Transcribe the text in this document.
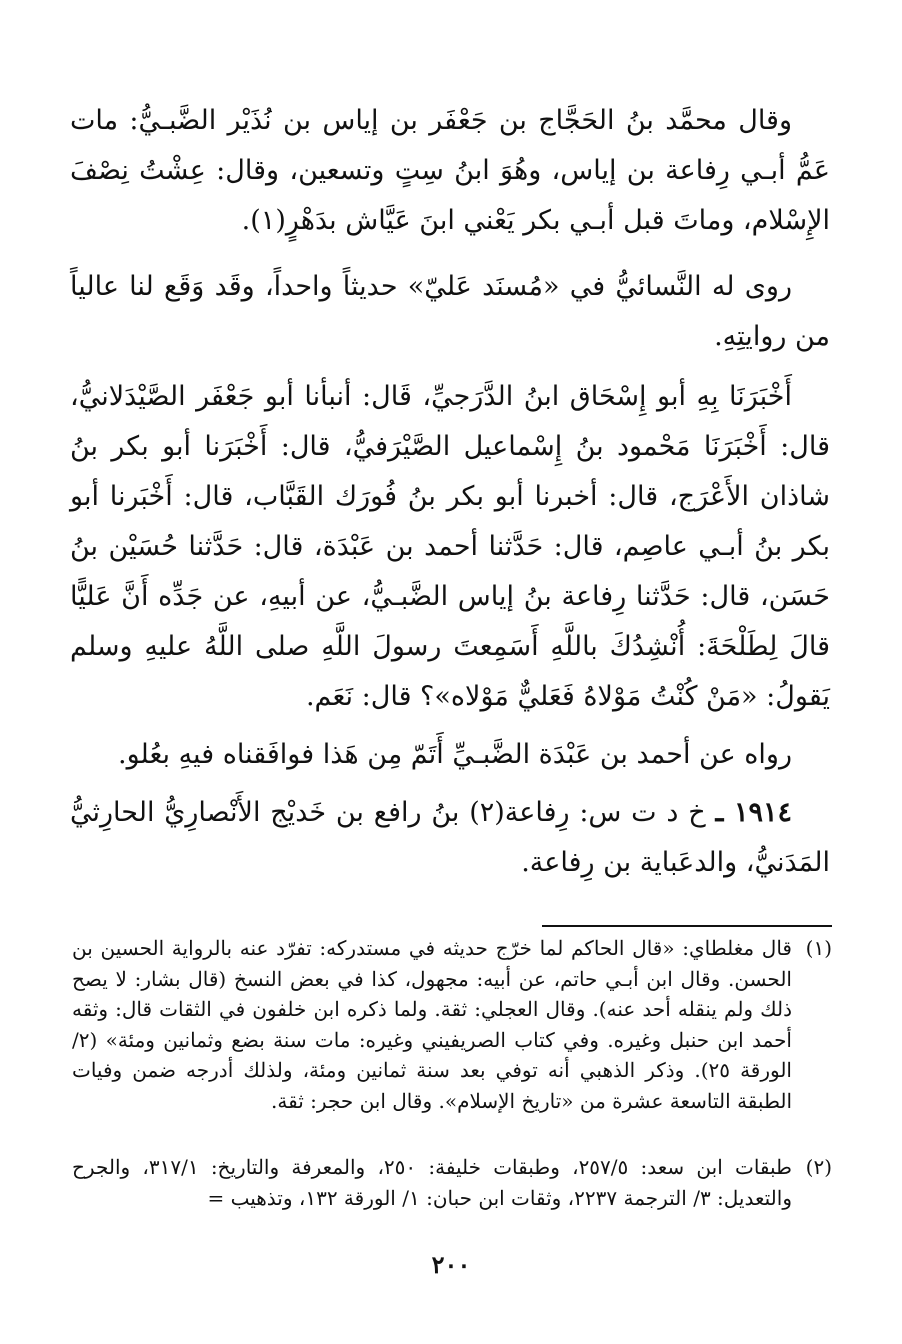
وقال محمَّد بنُ الحَجَّاج بن جَعْفَر بن إياس بن نُذَيْر الضَّبـيُّ: مات عَمُّ أبـي رِفاعة بن إياس، وهُوَ ابنُ سِتٍ وتسعين، وقال: عِشْتُ نِصْفَ الإِسْلام، وماتَ قبل أبـي بكر يَعْني ابنَ عَيَّاش بدَهْرٍ(١).

روى له النَّسائيُّ في «مُسنَد عَليّ» حديثاً واحداً، وقَد وَقَع لنا عالياً من روايتِهِ.

أَخْبَرَنَا بِهِ أبو إِسْحَاق ابنُ الدَّرَجيِّ، قَال: أنبأنا أبو جَعْفَر الصَّيْدَلانيُّ، قال: أَخْبَرَنَا مَحْمود بنُ إِسْماعيل الصَّيْرَفيُّ، قال: أَخْبَرَنا أبو بكر بنُ شاذان الأَعْرَج، قال: أخبرنا أبو بكر بنُ فُورَك القَبَّاب، قال: أَخْبَرنا أبو بكر بنُ أبـي عاصِم، قال: حَدَّثنا أحمد بن عَبْدَة، قال: حَدَّثنا حُسَيْن بنُ حَسَن، قال: حَدَّثنا رِفاعة بنُ إياس الضَّبـيُّ، عن أبيهِ، عن جَدِّه أَنَّ عَليًّا قالَ لِطَلْحَةَ: أُنْشِدُكَ باللَّهِ أَسَمِعتَ رسولَ اللَّهِ صلى اللَّهُ عليهِ وسلم يَقولُ: «مَنْ كُنْتُ مَوْلاهُ فَعَليٌّ مَوْلاه»؟ قال: نَعَم.

رواه عن أحمد بن عَبْدَة الضَّبـيِّ أَتَمّ مِن هَذا فوافَقناه فيهِ بعُلو.

١٩١٤ ـ خ د ت س: رِفاعة(٢) بنُ رافع بن خَديْج الأَنْصارِيُّ الحارِثيُّ المَدَنيُّ، والدعَباية بن رِفاعة.

(١)
قال مغلطاي: «قال الحاكم لما خرّج حديثه في مستدركه: تفرّد عنه بالرواية الحسين بن الحسن. وقال ابن أبـي حاتم، عن أبيه: مجهول، كذا في بعض النسخ (قال بشار: لا يصح ذلك ولم ينقله أحد عنه). وقال العجلي: ثقة. ولما ذكره ابن خلفون في الثقات قال: وثقه أحمد ابن حنبل وغيره. وفي كتاب الصريفيني وغيره: مات سنة بضع وثمانين ومئة» (٢/ الورقة ٢٥). وذكر الذهبي أنه توفي بعد سنة ثمانين ومئة، ولذلك أدرجه ضمن وفيات الطبقة التاسعة عشرة من «تاريخ الإسلام». وقال ابن حجر: ثقة.
(٢)
طبقات ابن سعد: ٢٥٧/٥، وطبقات خليفة: ٢٥٠، والمعرفة والتاريخ: ٣١٧/١، والجرح والتعديل: ٣/ الترجمة ٢٢٣٧، وثقات ابن حبان: ١/ الورقة ١٣٢، وتذهيب =
٢٠٠
